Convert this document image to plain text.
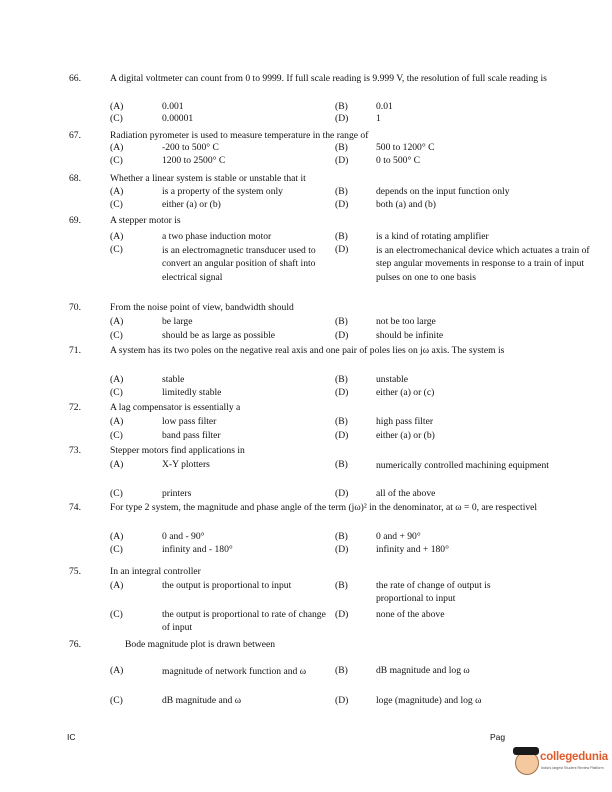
66.	A digital voltmeter can count from 0 to 9999. If full scale reading is 9.999 V, the resolution of full scale reading is
(A)	0.001	(B)	0.01
(C)	0.00001	(D)	1
67.	Radiation pyrometer is used to measure temperature in the range of
(A)	-200 to 500° C	(B)	500 to 1200° C
(C)	1200 to 2500° C	(D)	0 to 500° C
68.	Whether a linear system is stable or unstable that it
(A)	is a property of the system only	(B)	depends on the input function only
(C)	either (a) or (b)	(D)	both (a) and (b)
69.	A stepper motor is
(A)	a two phase induction motor	(B)	is a kind of rotating amplifier
(C)	is an electromagnetic transducer used to convert an angular position of shaft into electrical signal
(D)	is an electromechanical device which actuates a train of step angular movements in response to a train of input pulses on one to one basis
70.	From the noise point of view, bandwidth should
(A)	be large	(B)	not be too large
(C)	should be as large as possible	(D)	should be infinite
71.	A system has its two poles on the negative real axis and one pair of poles lies on jω axis. The system is
(A)	stable	(B)	unstable
(C)	limitedly stable	(D)	either (a) or (c)
72.	A lag compensator is essentially a
(A)	low pass filter	(B)	high pass filter
(C)	band pass filter	(D)	either (a) or (b)
73.	Stepper motors find applications in
(A)	X-Y plotters	(B)	numerically controlled machining equipment
(C)	printers	(D)	all of the above
74.	For type 2 system, the magnitude and phase angle of the term (jω)² in the denominator, at ω = 0, are respectivel
(A)	0 and - 90°	(B)	0 and + 90°
(C)	infinity and - 180°	(D)	infinity and + 180°
75.	In an integral controller
(A)	the output is proportional to input	(B)	the rate of change of output is proportional to input
(C)	the output is proportional to rate of change of input
(D)	none of the above
76.	Bode magnitude plot is drawn between
(A)	magnitude of network function and ω	(B)	dB magnitude and log ω
(C)	dB magnitude and ω	(D)	loge (magnitude) and log ω
IC	Pag
collegedunia
India's largest Student Review Platform
